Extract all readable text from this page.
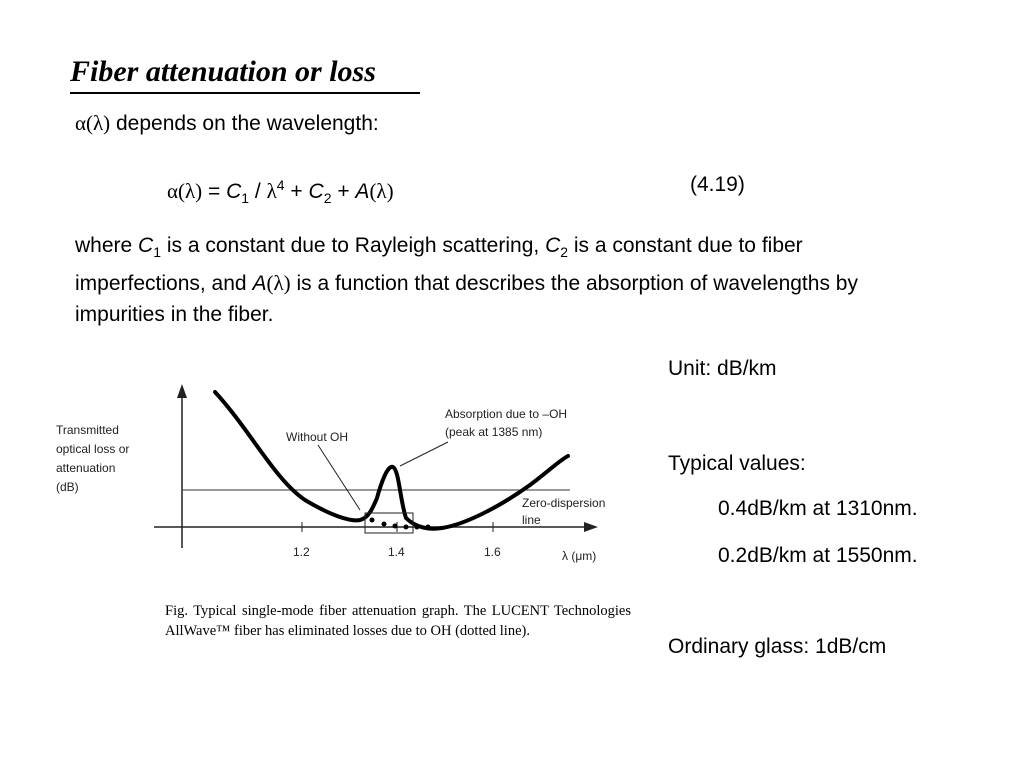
Fiber attenuation or loss

α(λ) depends on the wavelength:

$\alpha(\lambda) = C_1 / \lambda^4 + C_2 + A(\lambda)$	(4.19)

where $C_1$ is a constant due to Rayleigh scattering, $C_2$ is a constant due to fiber imperfections, and A(λ) is a function that describes the absorption of wavelengths by impurities in the fiber.

Transmitted
optical loss or
attenuation
(dB)
1.2	1.4	1.6	λ (μm)
Without OH
Absorption due to –OH
(peak at 1385 nm)
Zero-dispersion
line

Fig. Typical single-mode fiber attenuation graph. The LUCENT Technologies AllWave™ fiber has eliminated losses due to OH (dotted line).

Unit: dB/km

Typical values:

0.4dB/km at 1310nm.

0.2dB/km at 1550nm.

Ordinary glass: 1dB/cm
